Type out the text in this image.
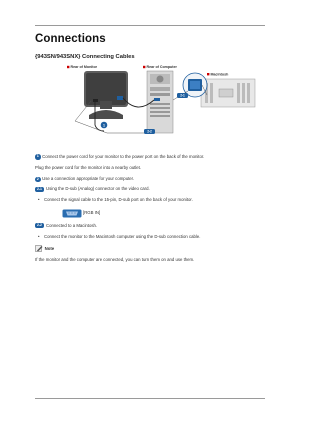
Connections
{943SN/943SNX} Connecting Cables
Rear of Monitor	Rear of Computer
Macintosh
1
2-1
2-2
1 Connect the power cord for your monitor to the power port on the back of the monitor.
Plug the power cord for the monitor into a nearby outlet.
2 Use a connection appropriate for your computer.
2-1 Using the D-sub (Analog) connector on the video card.
•	Connect the signal cable to the 15-pin, D-sub port on the back of your monitor.
[RGB IN]
2-2 Connected to a Macintosh.
•	Connect the monitor to the Macintosh computer using the D-sub connection cable.
Note
If the monitor and the computer are connected, you can turn them on and use them.
